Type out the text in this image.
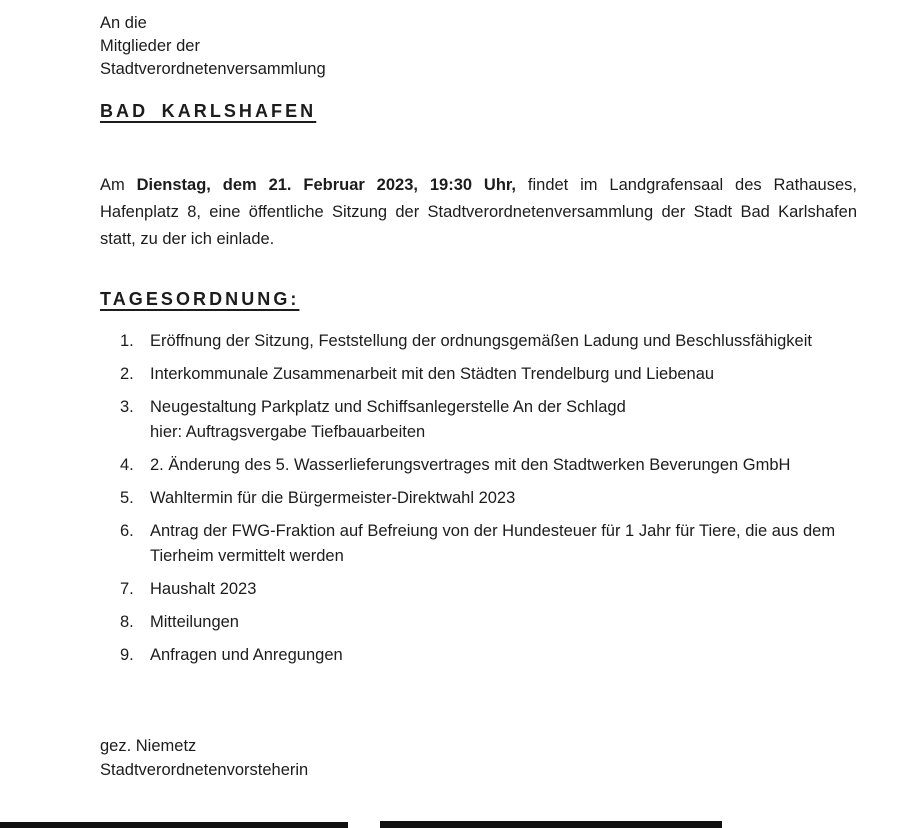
An die
Mitglieder der
Stadtverordnetenversammlung
BAD KARLSHAFEN
Am Dienstag, dem 21. Februar 2023, 19:30 Uhr, findet im Landgrafensaal des Rathauses,
Hafenplatz 8, eine öffentliche Sitzung der Stadtverordnetenversammlung der Stadt Bad Karlshafen
statt, zu der ich einlade.
TAGESORDNUNG:
1. Eröffnung der Sitzung, Feststellung der ordnungsgemäßen Ladung und Beschlussfähigkeit
2. Interkommunale Zusammenarbeit mit den Städten Trendelburg und Liebenau
3. Neugestaltung Parkplatz und Schiffsanlegerstelle An der Schlagd
hier: Auftragsvergabe Tiefbauarbeiten
4. 2. Änderung des 5. Wasserlieferungsvertrages mit den Stadtwerken Beverungen GmbH
5. Wahltermin für die Bürgermeister-Direktwahl 2023
6. Antrag der FWG-Fraktion auf Befreiung von der Hundesteuer für 1 Jahr für Tiere, die aus dem
Tierheim vermittelt werden
7. Haushalt 2023
8. Mitteilungen
9. Anfragen und Anregungen
gez. Niemetz
Stadtverordnetenvorsteherin
